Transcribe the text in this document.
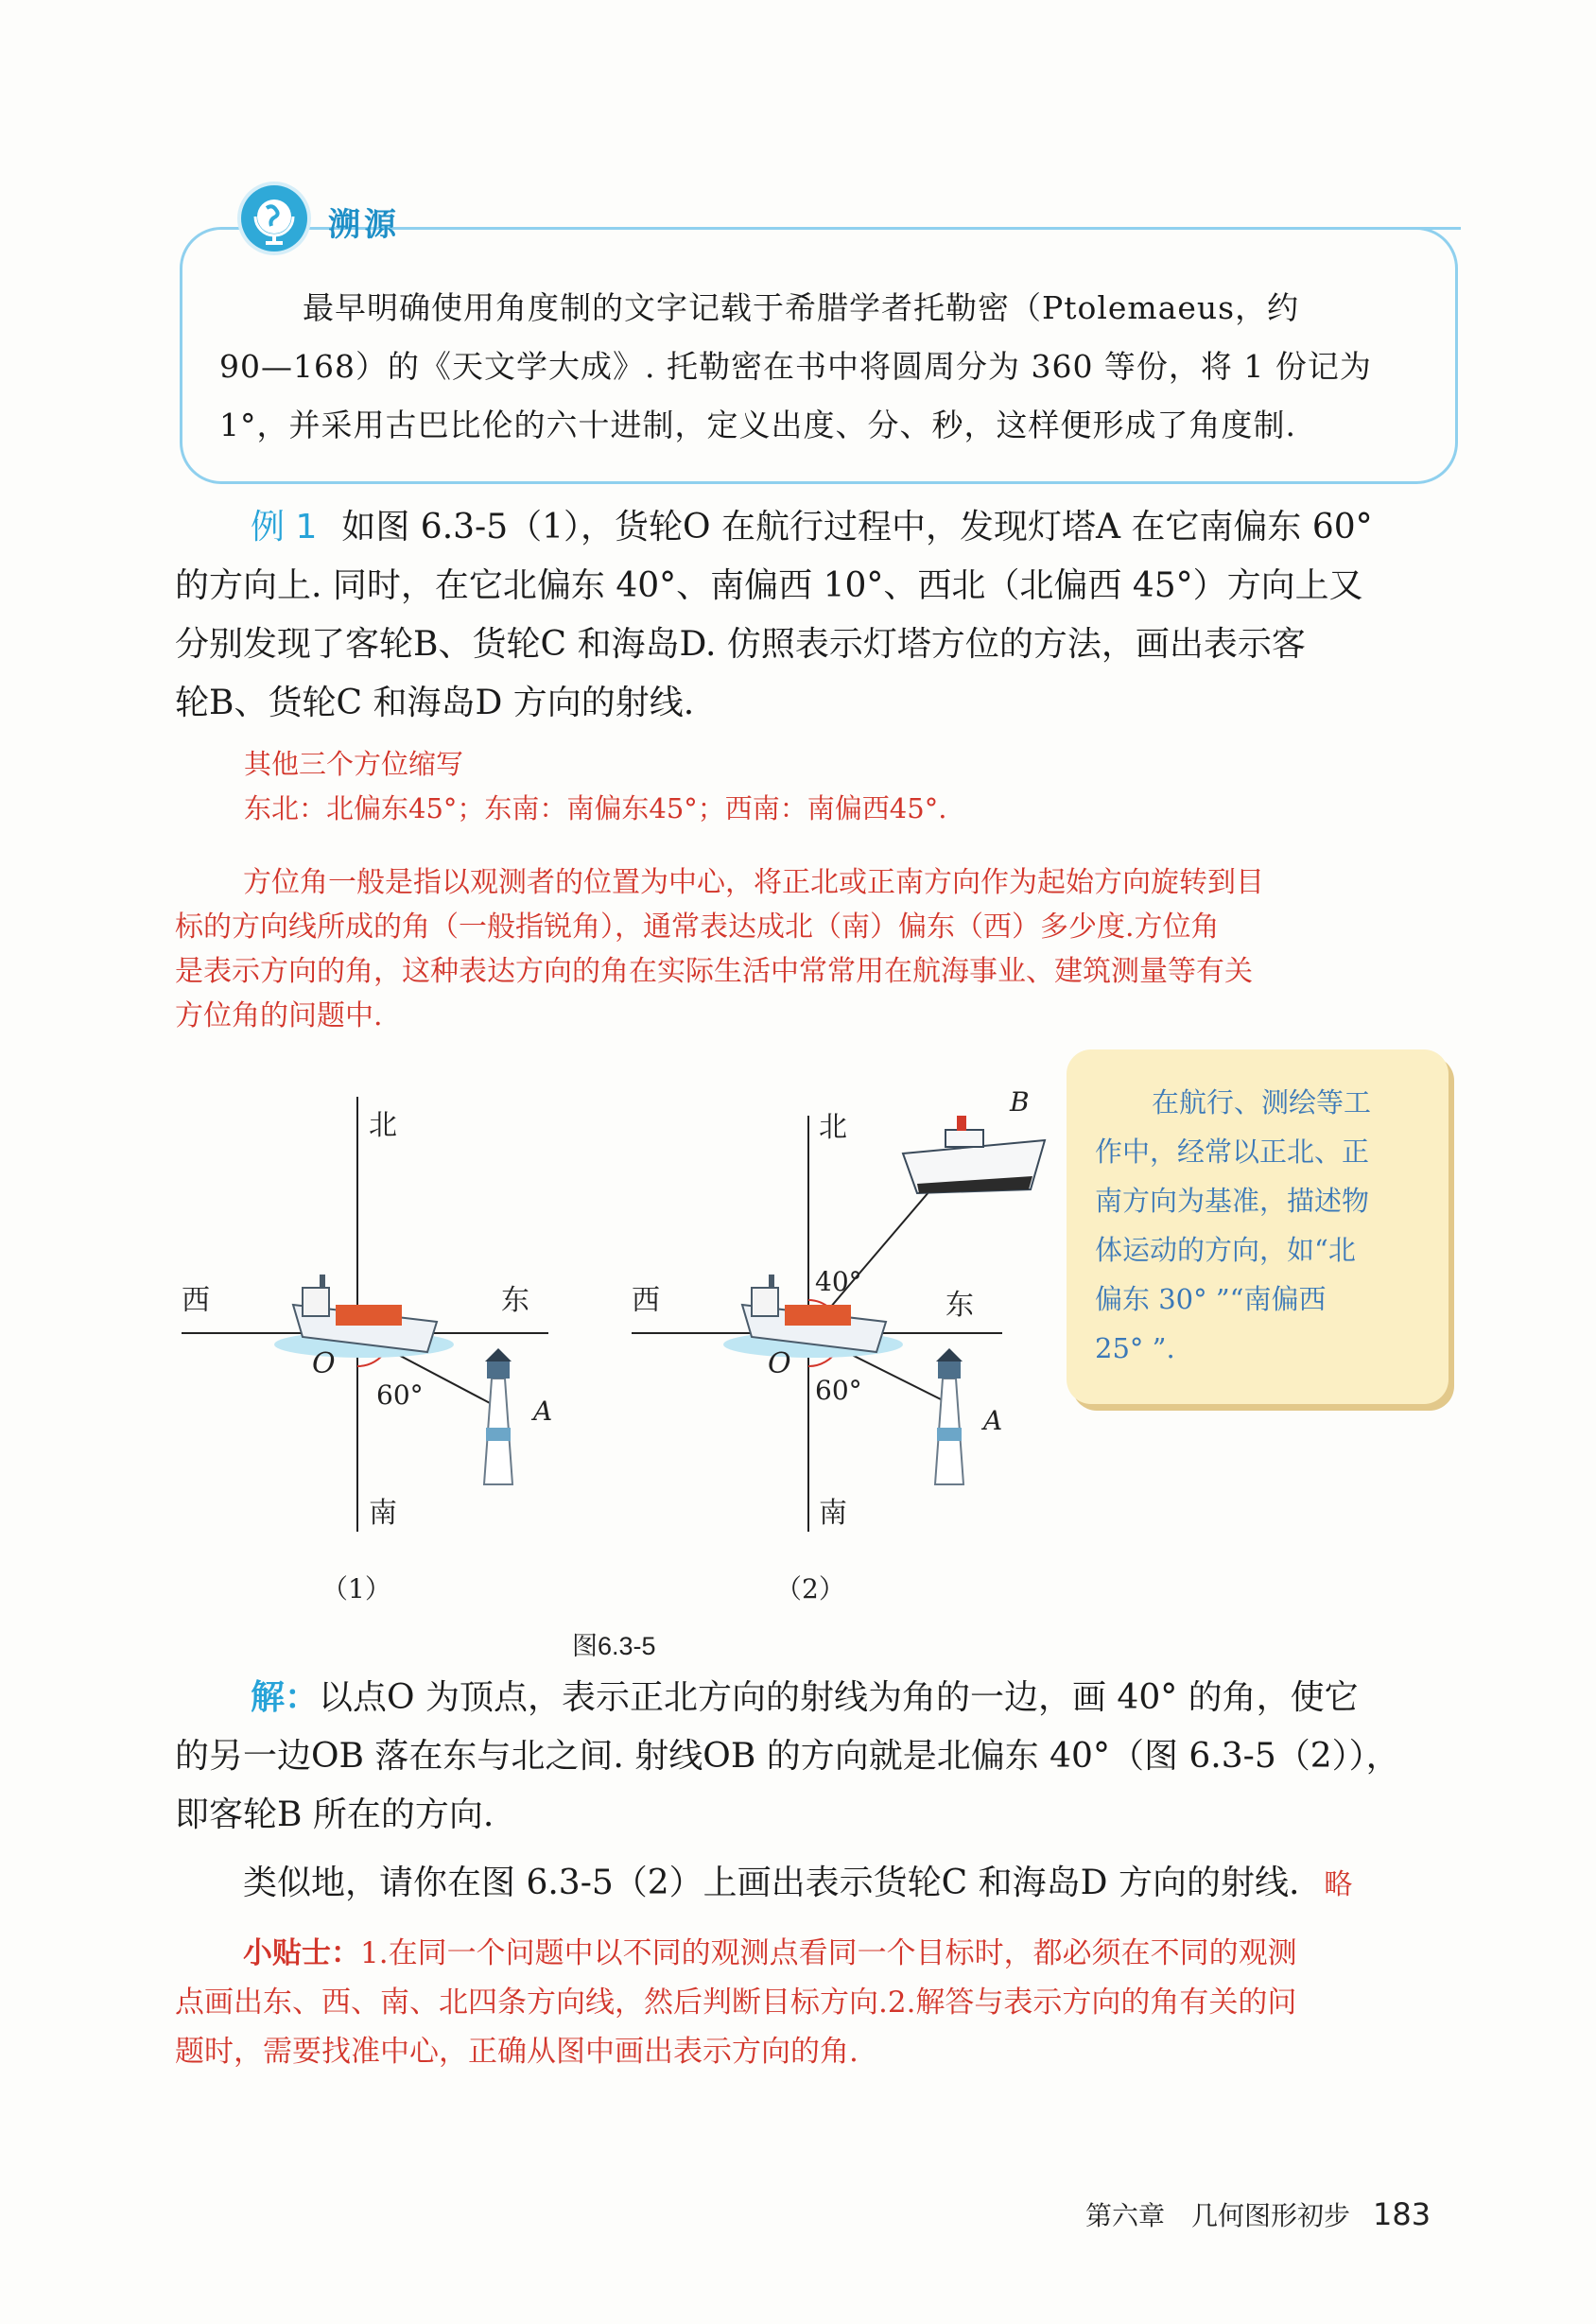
溯源

最早明确使用角度制的文字记载于希腊学者托勒密（Ptolemaeus，约

90—168）的《天文学大成》. 托勒密在书中将圆周分为 360 等份，将 1 份记为

1°，并采用古巴比伦的六十进制，定义出度、分、秒，这样便形成了角度制.

例 1 如图 6.3-5（1），货轮O 在航行过程中，发现灯塔A 在它南偏东 60°

的方向上. 同时，在它北偏东 40°、南偏西 10°、西北（北偏西 45°）方向上又

分别发现了客轮B、货轮C 和海岛D. 仿照表示灯塔方位的方法，画出表示客

轮B、货轮C 和海岛D 方向的射线.

其他三个方位缩写

东北：北偏东45°；东南：南偏东45°；西南：南偏西45°.

方位角一般是指以观测者的位置为中心，将正北或正南方向作为起始方向旋转到目

标的方向线所成的角（一般指锐角），通常表达成北（南）偏东（西）多少度.方位角

是表示方向的角，这种表达方向的角在实际生活中常常用在航海事业、建筑测量等有关

方位角的问题中.

北
西	东
南
O
60°
A
（1）
北
西	东
南
O
40°
60°
A
B
（2）
图6.3-5

在航行、测绘等工

作中，经常以正北、正

南方向为基准，描述物

体运动的方向，如“北

偏东 30° ”“南偏西

25° ”.

解：以点O 为顶点，表示正北方向的射线为角的一边，画 40° 的角，使它

的另一边OB 落在东与北之间. 射线OB 的方向就是北偏东 40°（图 6.3-5（2）），

即客轮B 所在的方向.

类似地，请你在图 6.3-5（2）上画出表示货轮C 和海岛D 方向的射线. 略

小贴士：1.在同一个问题中以不同的观测点看同一个目标时，都必须在不同的观测

点画出东、西、南、北四条方向线，然后判断目标方向.2.解答与表示方向的角有关的问

题时，需要找准中心，正确从图中画出表示方向的角.

第六章　几何图形初步 183
